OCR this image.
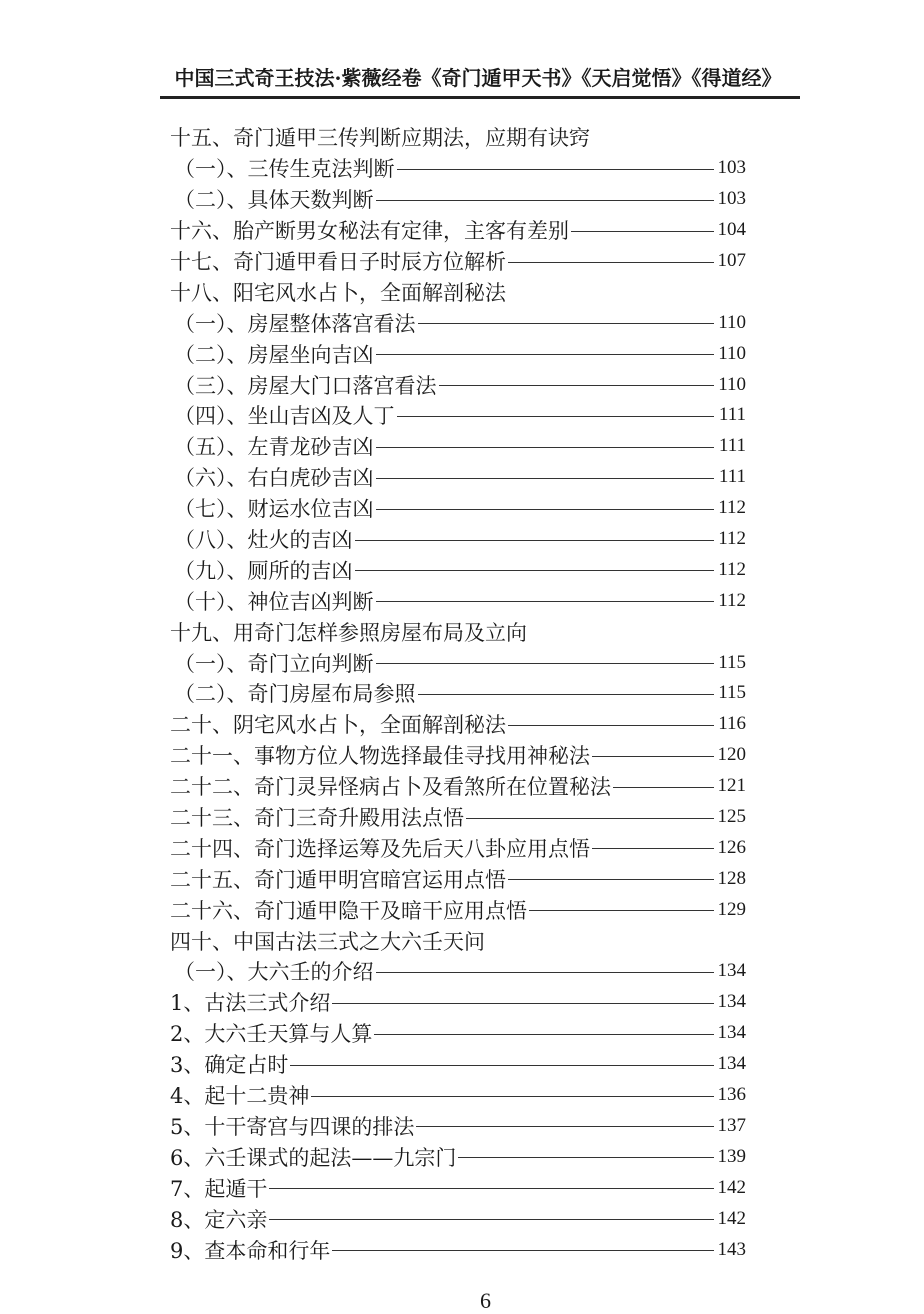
中国三式奇王技法·紫薇经卷《奇门遁甲天书》《天启觉悟》《得道经》
十五、奇门遁甲三传判断应期法，应期有诀窍
（一）、三传生克法判断	103
（二）、具体天数判断	103
十六、胎产断男女秘法有定律，主客有差别	104
十七、奇门遁甲看日子时辰方位解析	107
十八、阳宅风水占卜，全面解剖秘法
（一）、房屋整体落宫看法	110
（二）、房屋坐向吉凶	110
（三）、房屋大门口落宫看法	110
（四）、坐山吉凶及人丁	111
（五）、左青龙砂吉凶	111
（六）、右白虎砂吉凶	111
（七）、财运水位吉凶	112
（八）、灶火的吉凶	112
（九）、厕所的吉凶	112
（十）、神位吉凶判断	112
十九、用奇门怎样参照房屋布局及立向
（一）、奇门立向判断	115
（二）、奇门房屋布局参照	115
二十、阴宅风水占卜，全面解剖秘法	116
二十一、事物方位人物选择最佳寻找用神秘法	120
二十二、奇门灵异怪病占卜及看煞所在位置秘法	121
二十三、奇门三奇升殿用法点悟	125
二十四、奇门选择运筹及先后天八卦应用点悟	126
二十五、奇门遁甲明宫暗宫运用点悟	128
二十六、奇门遁甲隐干及暗干应用点悟	129
四十、中国古法三式之大六壬天问
（一）、大六壬的介绍	134
1、古法三式介绍	134
2、大六壬天算与人算	134
3、确定占时	134
4、起十二贵神	136
5、十干寄宫与四课的排法	137
6、六壬课式的起法——九宗门	139
7、起遁干	142
8、定六亲	142
9、查本命和行年	143
6
